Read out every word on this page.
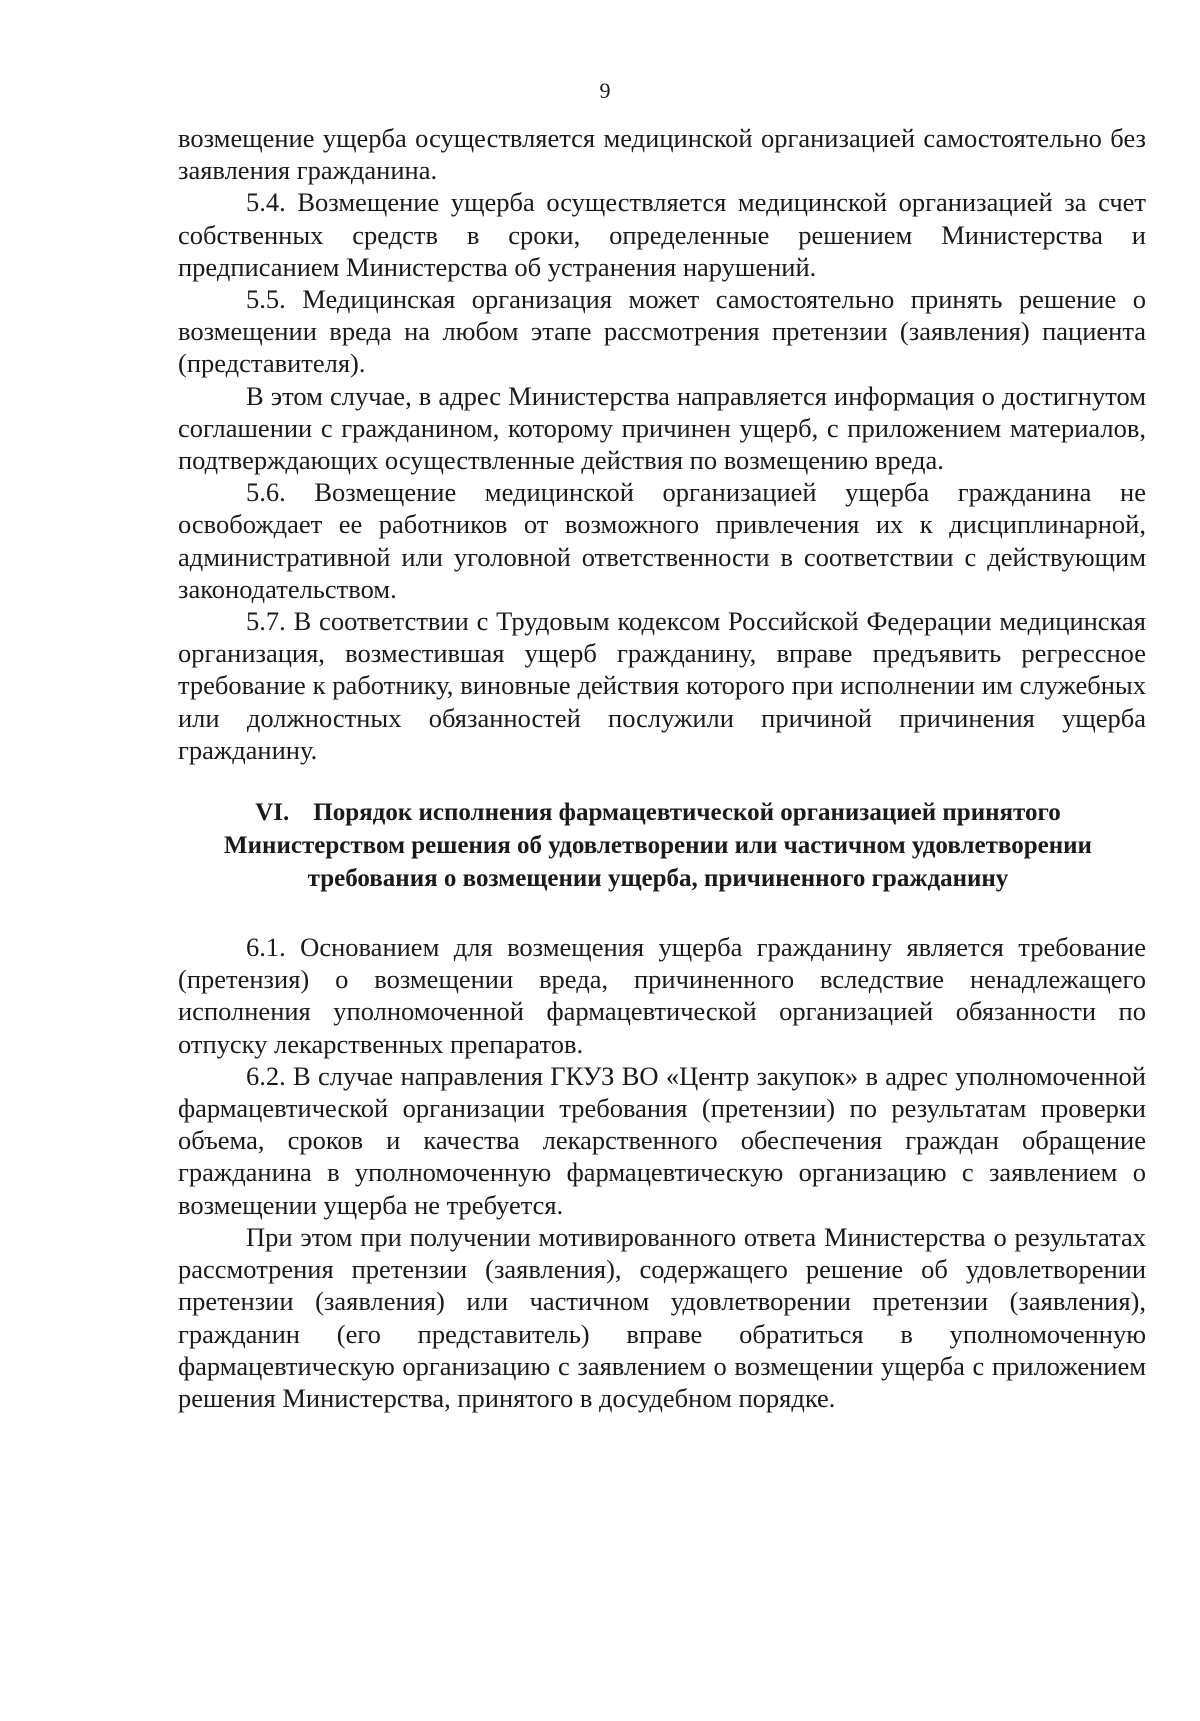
9

возмещение ущерба осуществляется медицинской организацией самостоятельно без заявления гражданина.

5.4. Возмещение ущерба осуществляется медицинской организацией за счет собственных средств в сроки, определенные решением Министерства и предписанием Министерства об устранения нарушений.

5.5. Медицинская организация может самостоятельно принять решение о возмещении вреда на любом этапе рассмотрения претензии (заявления) пациента (представителя).

В этом случае, в адрес Министерства направляется информация о достигнутом соглашении с гражданином, которому причинен ущерб, с приложением материалов, подтверждающих осуществленные действия по возмещению вреда.

5.6. Возмещение медицинской организацией ущерба гражданина не освобождает ее работников от возможного привлечения их к дисциплинарной, административной или уголовной ответственности в соответствии с действующим законодательством.

5.7. В соответствии с Трудовым кодексом Российской Федерации медицинская организация, возместившая ущерб гражданину, вправе предъявить регрессное требование к работнику, виновные действия которого при исполнении им служебных или должностных обязанностей послужили причиной причинения ущерба гражданину.

VI. Порядок исполнения фармацевтической организацией принятого Министерством решения об удовлетворении или частичном удовлетворении требования о возмещении ущерба, причиненного гражданину

6.1. Основанием для возмещения ущерба гражданину является требование (претензия) о возмещении вреда, причиненного вследствие ненадлежащего исполнения уполномоченной фармацевтической организацией обязанности по отпуску лекарственных препаратов.

6.2. В случае направления ГКУЗ ВО «Центр закупок» в адрес уполномоченной фармацевтической организации требования (претензии) по результатам проверки объема, сроков и качества лекарственного обеспечения граждан обращение гражданина в уполномоченную фармацевтическую организацию с заявлением о возмещении ущерба не требуется.

При этом при получении мотивированного ответа Министерства о результатах рассмотрения претензии (заявления), содержащего решение об удовлетворении претензии (заявления) или частичном удовлетворении претензии (заявления), гражданин (его представитель) вправе обратиться в уполномоченную фармацевтическую организацию с заявлением о возмещении ущерба с приложением решения Министерства, принятого в досудебном порядке.
